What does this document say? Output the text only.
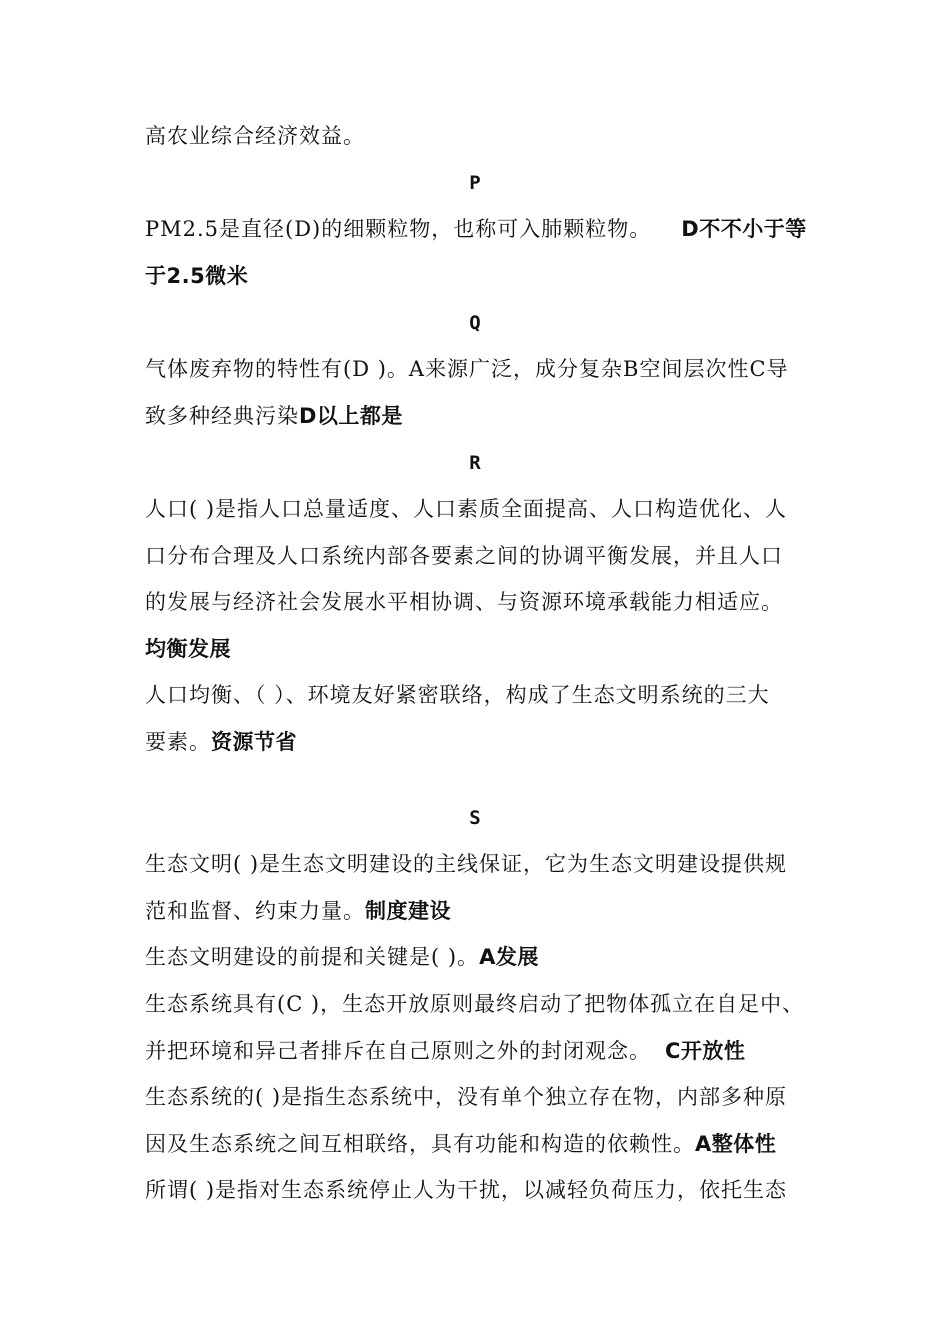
高农业综合经济效益。
P
PM2.5是直径(D)的细颗粒物，也称可入肺颗粒物。 D不不小于等
于2.5微米
Q
气体废弃物的特性有(D )。A来源广泛，成分复杂B空间层次性C导
致多种经典污染D以上都是
R
人口( )是指人口总量适度、人口素质全面提高、人口构造优化、人
口分布合理及人口系统内部各要素之间的协调平衡发展，并且人口
的发展与经济社会发展水平相协调、与资源环境承载能力相适应。
均衡发展
人口均衡、（ ）、环境友好紧密联络，构成了生态文明系统的三大
要素。资源节省
S
生态文明( )是生态文明建设的主线保证，它为生态文明建设提供规
范和监督、约束力量。制度建设
生态文明建设的前提和关键是( )。A发展
生态系统具有(C )，生态开放原则最终启动了把物体孤立在自足中、
并把环境和异己者排斥在自己原则之外的封闭观念。 C开放性
生态系统的( )是指生态系统中，没有单个独立存在物，内部多种原
因及生态系统之间互相联络，具有功能和构造的依赖性。A整体性
所谓( )是指对生态系统停止人为干扰，以减轻负荷压力，依托生态
